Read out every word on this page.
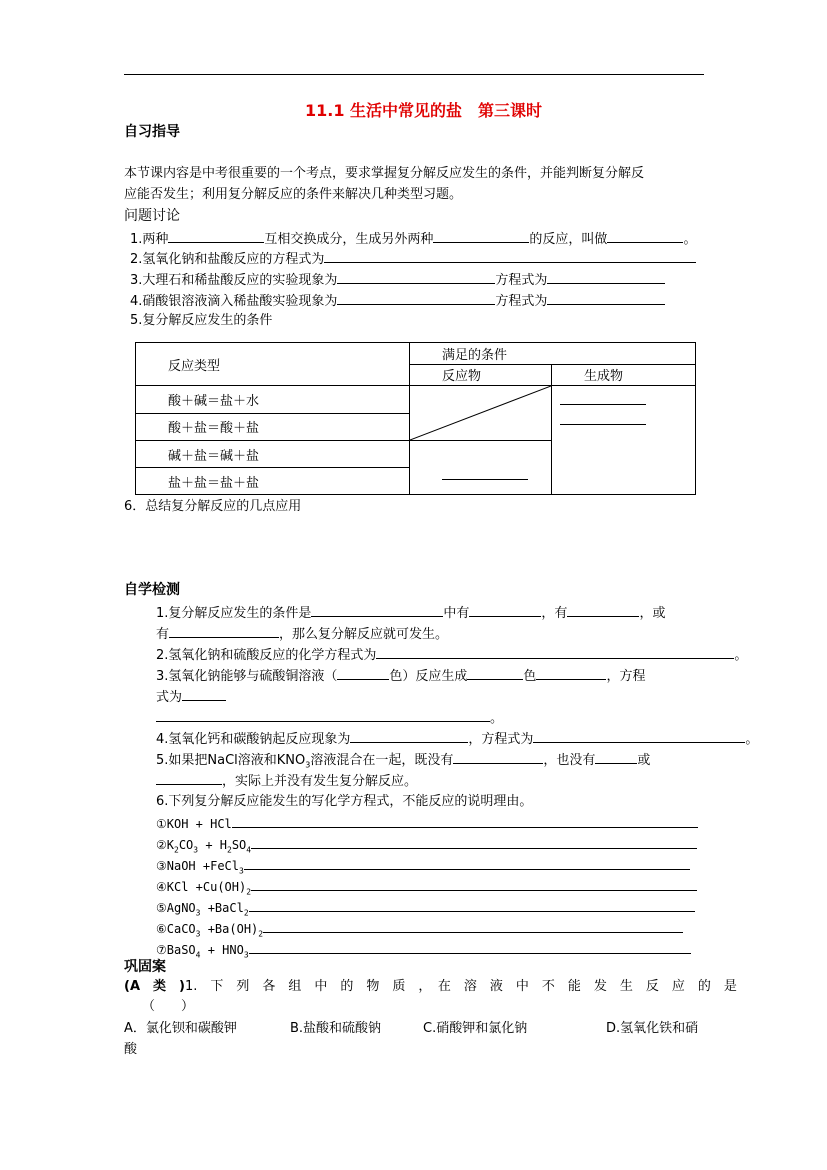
11.1 生活中常见的盐　第三课时
自习指导
本节课内容是中考很重要的一个考点，要求掌握复分解反应发生的条件，并能判断复分解反
应能否发生；利用复分解反应的条件来解决几种类型习题。
问题讨论
1.两种	互相交换成分，生成另外两种	的反应，叫做	。
2.氢氧化钠和盐酸反应的方程式为
3.大理石和稀盐酸反应的实验现象为	方程式为
4.硝酸银溶液滴入稀盐酸实验现象为	方程式为
5.复分解反应发生的条件
反应类型	满足的条件	
	反应物	生成物
酸＋碱＝盐＋水	

酸＋盐＝酸＋盐		
碱＋盐＝碱＋盐		

盐＋盐＝盐＋盐		
6．总结复分解反应的几点应用
自学检测
1.复分解反应发生的条件是	中有	，有	，或
有	，那么复分解反应就可发生。
2.氢氧化钠和硫酸反应的化学方程式为	。
3.氢氧化钠能够与硫酸铜溶液（	色）反应生成	色	，方程
式为
。
4.氢氧化钙和碳酸钠起反应现象为	，方程式为	。
5.如果把NaCl溶液和$KNO_3$溶液混合在一起，既没有	，也没有	或
，实际上并没有发生复分解反应。
6.下列复分解反应能发生的写化学方程式，不能反应的说明理由。
①KOH + HCl
$②K_2CO_3 + H_2SO_4$
③NaOH +FeCl$_3$
④KCl $+Cu(OH)_2$
⑤AgNO$_3$ +BaCl$_2$
⑥CaCO$_3$ $+Ba(OH)_2$
⑦BaSO$_4$ + $HNO_3$
巩固案
(A　类　)1.　下　列　各　组　中　的　物　质　，　在　溶　液　中　不　能　发　生　反　应　的　是
（　　）
A．氯化钡和碳酸钾	B.盐酸和硫酸钠	C.硝酸钾和氯化钠	D.氢氧化铁和硝
酸
